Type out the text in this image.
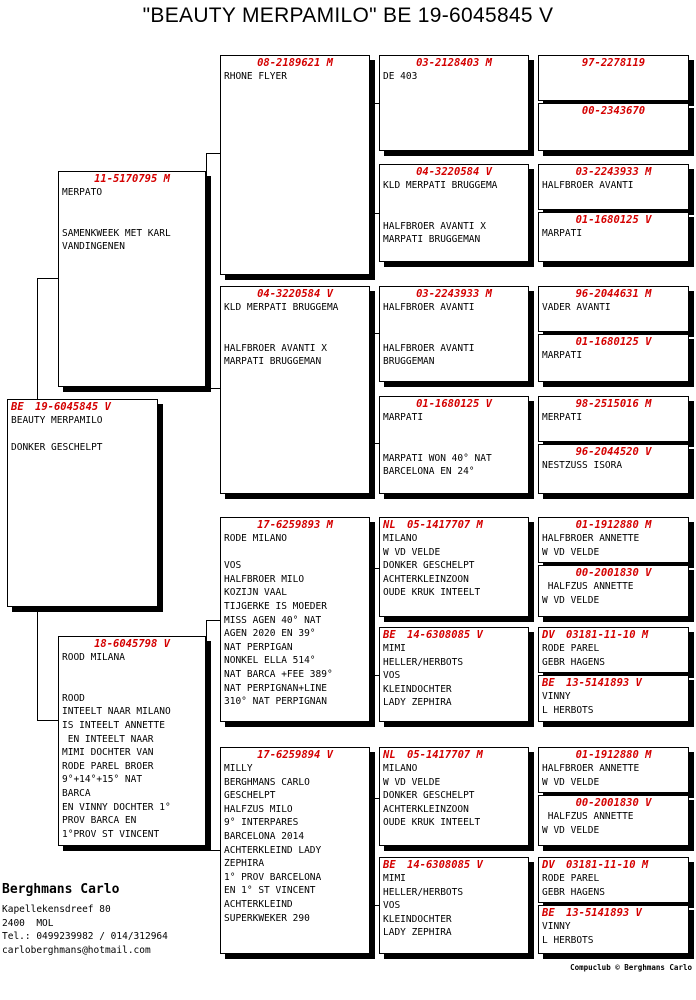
"BEAUTY MERPAMILO" BE 19-6045845 V
BE 19-6045845 V
BEAUTY MERPAMILO

DONKER GESCHELPT
11-5170795 M
MERPATO

SAMENKWEEK MET KARL
VANDINGENEN
18-6045798 V
ROOD MILANA

ROOD
INTEELT NAAR MILANO
IS INTEELT ANNETTE
EN INTEELT NAAR
MIMI DOCHTER VAN
RODE PAREL BROER
9°+14°+15° NAT
BARCA
EN VINNY DOCHTER 1°
PROV BARCA EN
1°PROV ST VINCENT
08-2189621 M
RHONE FLYER
04-3220584 V
KLD MERPATI BRUGGEMA

HALFBROER AVANTI X
MARPATI BRUGGEMAN
17-6259893 M
RODE MILANO

VOS
HALFBROER MILO
KOZIJN VAAL
TIJGERKE IS MOEDER
MISS AGEN 40° NAT
AGEN 2020 EN 39°
NAT PERPIGAN
NONKEL ELLA 514°
NAT BARCA +FEE 389°
NAT PERPIGNAN+LINE
310° NAT PERPIGNAN
17-6259894 V
MILLY
BERGHMANS CARLO
GESCHELPT
HALFZUS MILO
9° INTERPARES
BARCELONA 2014
ACHTERKLEIND LADY
ZEPHIRA
1° PROV BARCELONA
EN 1° ST VINCENT
ACHTERKLEIND
SUPERKWEKER 290
03-2128403 M
DE 403
04-3220584 V
KLD MERPATI BRUGGEMA

HALFBROER AVANTI X
MARPATI BRUGGEMAN
03-2243933 M
HALFBROER AVANTI

HALFBROER AVANTI
BRUGGEMAN
01-1680125 V
MARPATI

MARPATI WON 40° NAT
BARCELONA EN 24°
NL 05-1417707 M
MILANO
W VD VELDE
DONKER GESCHELPT
ACHTERKLEINZOON
OUDE KRUK INTEELT
BE 14-6308085 V
MIMI
HELLER/HERBOTS
VOS
KLEINDOCHTER
LADY ZEPHIRA
NL 05-1417707 M
MILANO
W VD VELDE
DONKER GESCHELPT
ACHTERKLEINZOON
OUDE KRUK INTEELT
BE 14-6308085 V
MIMI
HELLER/HERBOTS
VOS
KLEINDOCHTER
LADY ZEPHIRA
97-2278119
00-2343670
03-2243933 M
HALFBROER AVANTI
01-1680125 V
MARPATI
96-2044631 M
VADER AVANTI
01-1680125 V
MARPATI
98-2515016 M
MERPATI
96-2044520 V
NESTZUSS ISORA
01-1912880 M
HALFBROER ANNETTE
W VD VELDE
00-2001830 V
HALFZUS ANNETTE
W VD VELDE
DV 03181-11-10 M
RODE PAREL
GEBR HAGENS
BE 13-5141893 V
VINNY
L HERBOTS
01-1912880 M
HALFBROER ANNETTE
W VD VELDE
00-2001830 V
HALFZUS ANNETTE
W VD VELDE
DV 03181-11-10 M
RODE PAREL
GEBR HAGENS
BE 13-5141893 V
VINNY
L HERBOTS
Berghmans Carlo
Kapellekensdreef 80
2400  MOL
Tel.: 0499239982 / 014/312964
carloberghmans@hotmail.com
Compuclub © Berghmans Carlo
